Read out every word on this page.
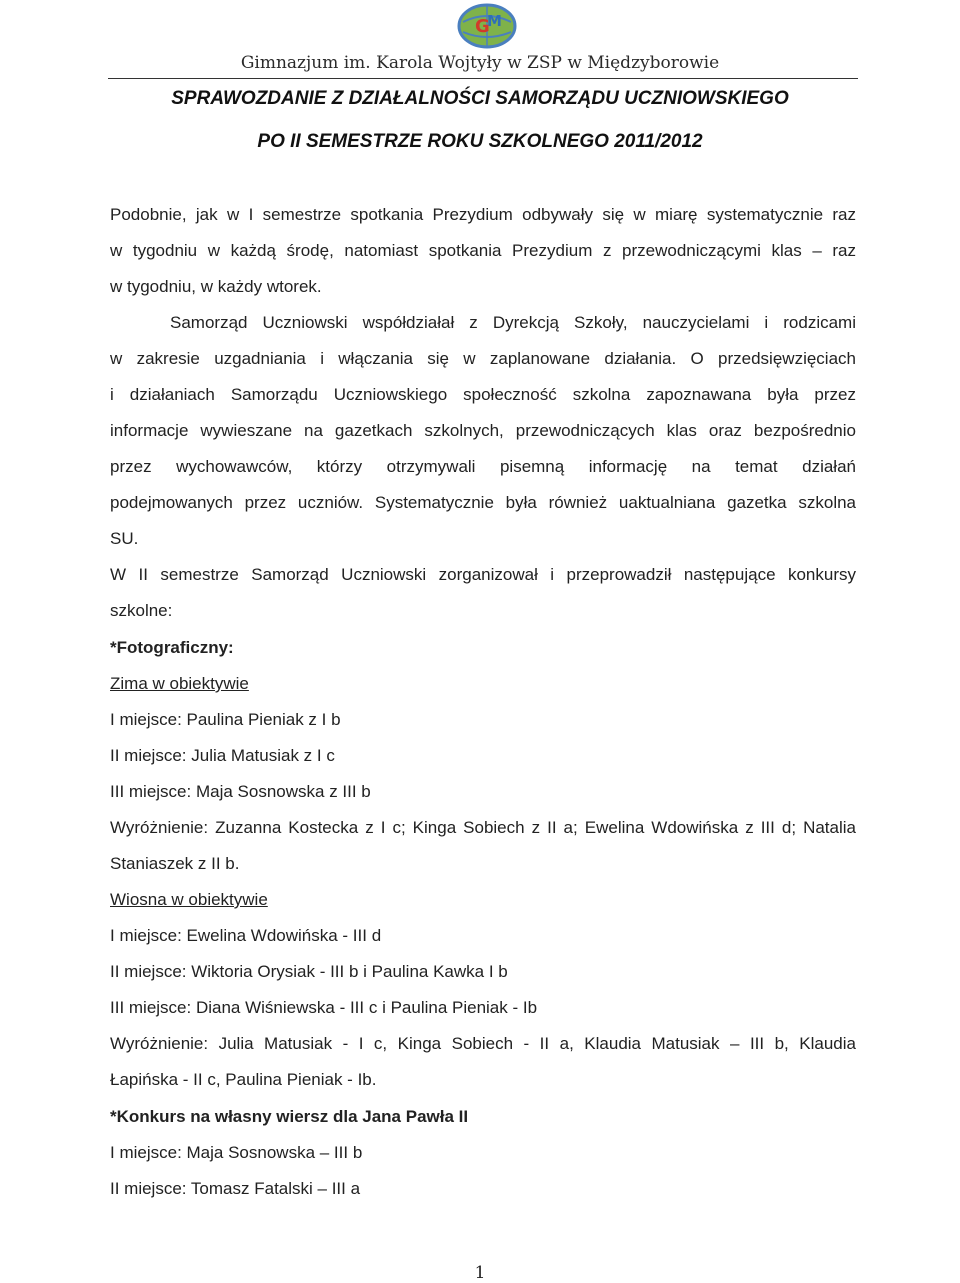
G
M
Gimnazjum im. Karola Wojtyły w ZSP w Międzyborowie
SPRAWOZDANIE Z DZIAŁALNOŚCI SAMORZĄDU UCZNIOWSKIEGO
PO II SEMESTRZE ROKU SZKOLNEGO 2011/2012
Podobnie, jak w I semestrze spotkania Prezydium odbywały się w miarę systematycznie raz
w tygodniu w każdą środę, natomiast spotkania Prezydium z przewodniczącymi klas – raz
w tygodniu, w każdy wtorek.
Samorząd Uczniowski współdziałał z Dyrekcją Szkoły, nauczycielami i rodzicami
w zakresie uzgadniania i włączania się w zaplanowane działania. O przedsięwzięciach
i działaniach Samorządu Uczniowskiego społeczność szkolna zapoznawana była przez
informacje wywieszane na gazetkach szkolnych, przewodniczących klas oraz bezpośrednio
przez wychowawców, którzy otrzymywali pisemną informację na temat działań
podejmowanych przez uczniów. Systematycznie była również uaktualniana gazetka szkolna
SU.
W II semestrze Samorząd Uczniowski zorganizował i przeprowadził następujące konkursy
szkolne:
*Fotograficzny:
Zima w obiektywie
I miejsce: Paulina Pieniak z I b
II miejsce: Julia Matusiak z I c
III miejsce: Maja Sosnowska z III b
Wyróżnienie: Zuzanna Kostecka z I c; Kinga Sobiech z II a; Ewelina Wdowińska z III d; Natalia
Staniaszek z II b.
Wiosna w obiektywie
I miejsce: Ewelina Wdowińska - III d
II miejsce: Wiktoria Orysiak - III b i Paulina Kawka I b
III miejsce: Diana Wiśniewska - III c i Paulina Pieniak - Ib
Wyróżnienie: Julia Matusiak - I c, Kinga Sobiech - II a, Klaudia Matusiak – III b, Klaudia
Łapińska - II c, Paulina Pieniak - Ib.
*Konkurs na własny wiersz dla Jana Pawła II
I miejsce: Maja Sosnowska – III b
II miejsce: Tomasz Fatalski – III a
1
